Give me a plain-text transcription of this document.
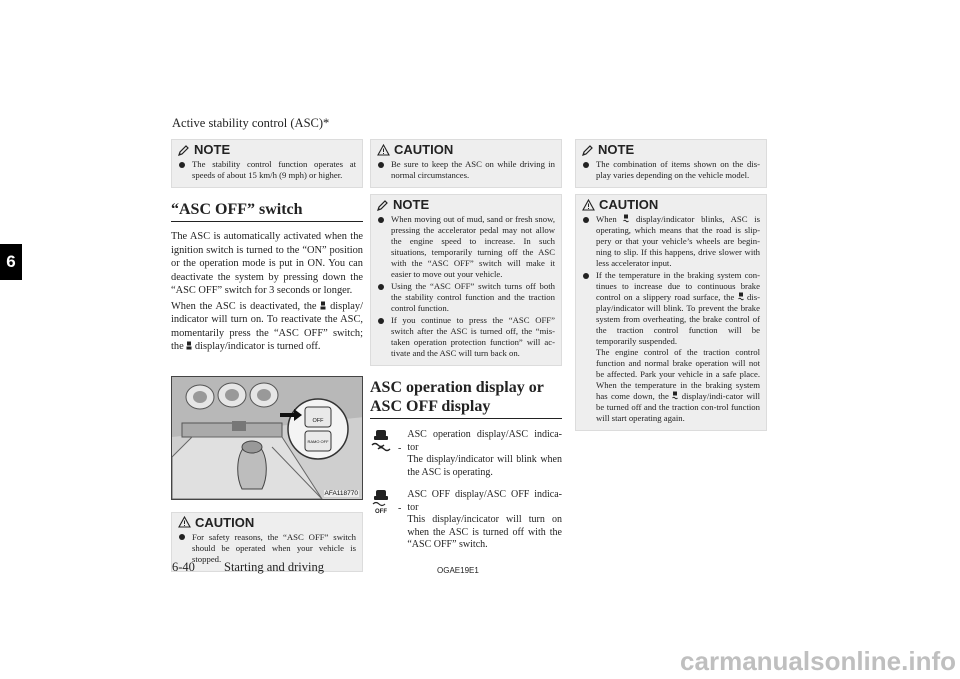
Active stability control (ASC)*
6
NOTE

The stability control function operates at speeds of about 15 km/h (9 mph) or higher.

“ASC OFF” switch

The ASC is automatically activated when the ignition switch is turned to the “ON” position or the operation mode is put in ON. You can deactivate the system by pressing down the “ASC OFF” switch for 3 seconds or longer.

When the ASC is deactivated, the  display/ indicator will turn on. To reactivate the ASC, momentarily press the “ASC OFF” switch; the  display/indicator is turned off.

OFF
RAMO OFF
AFA118770
CAUTION

For safety reasons, the “ASC OFF” switch should be operated when your vehicle is stopped.

CAUTION

Be sure to keep the ASC on while driving in normal circumstances.

NOTE

When moving out of mud, sand or fresh snow, pressing the accelerator pedal may not allow the engine speed to increase. In such situations, temporarily turning off the ASC with the “ASC OFF” switch will make it easier to move out your vehicle.

Using the “ASC OFF” switch turns off both the stability control function and the traction control function.

If you continue to press the “ASC OFF” switch after the ASC is turned off, the “mis-taken operation protection function” will ac-tivate and the ASC will turn back on.

ASC operation display or ASC OFF display
-
ASC operation display/ASC indica-tor
The display/indicator will blink when the ASC is operating.
OFF -
ASC OFF display/ASC OFF indica-tor
This display/incicator will turn on when the ASC is turned off with the “ASC OFF” switch.
NOTE

The combination of items shown on the dis-play varies depending on the vehicle model.

CAUTION

When  display/indicator blinks, ASC is operating, which means that the road is slip-pery or that your vehicle’s wheels are begin-ning to slip. If this happens, drive slower with less accelerator input.

If the temperature in the braking system con-tinues to increase due to continuous brake control on a slippery road surface, the  dis-play/indicator will blink. To prevent the brake system from overheating, the brake control of the traction control function will be temporarily suspended.

The engine control of the traction control function and normal brake operation will not be affected. Park your vehicle in a safe place. When the temperature in the braking system has come down, the  display/indi-cator will be turned off and the traction con-trol function will start operating again.

6-40 Starting and driving	OGAE19E1
carmanualsonline.info
